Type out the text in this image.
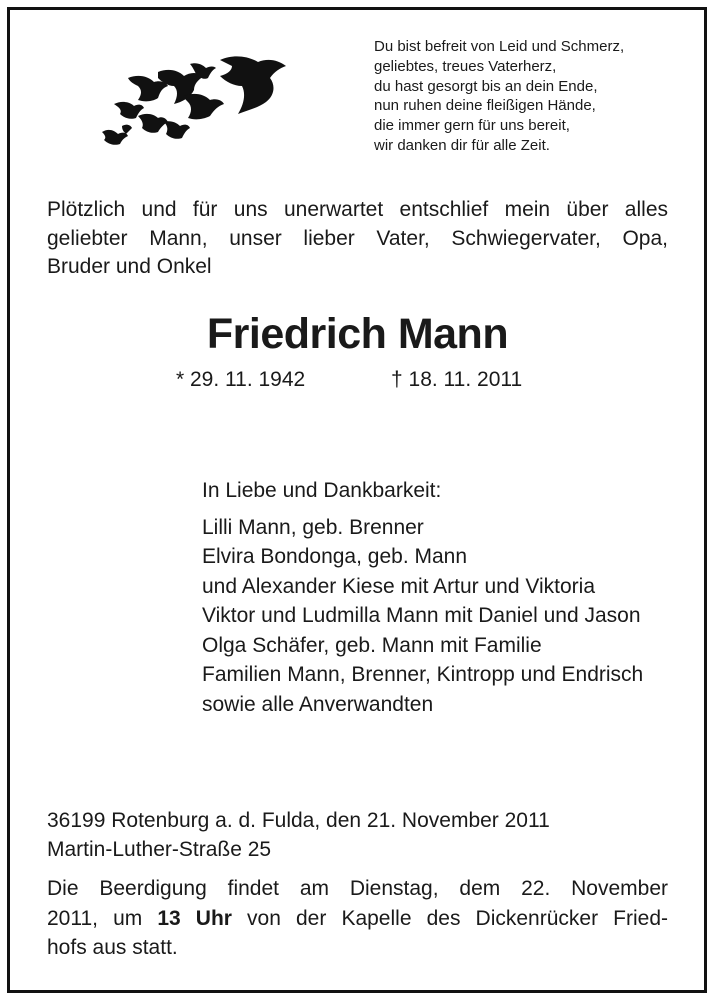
Du bist befreit von Leid und Schmerz,
geliebtes, treues Vaterherz,
du hast gesorgt bis an dein Ende,
nun ruhen deine fleißigen Hände,
die immer gern für uns bereit,
wir danken dir für alle Zeit.
Plötzlich und für uns unerwartet entschlief mein über alles
geliebter Mann, unser lieber Vater, Schwiegervater, Opa,
Bruder und Onkel
Friedrich Mann
* 29. 11. 1942	† 18. 11. 2011
In Liebe und Dankbarkeit:
Lilli Mann, geb. Brenner
Elvira Bondonga, geb. Mann
und Alexander Kiese mit Artur und Viktoria
Viktor und Ludmilla Mann mit Daniel und Jason
Olga Schäfer, geb. Mann mit Familie
Familien Mann, Brenner, Kintropp und Endrisch
sowie alle Anverwandten
36199 Rotenburg a. d. Fulda, den 21. November 2011
Martin-Luther-Straße 25
Die Beerdigung findet am Dienstag, dem 22. November
2011, um 13 Uhr von der Kapelle des Dickenrücker Fried-
hofs aus statt.
